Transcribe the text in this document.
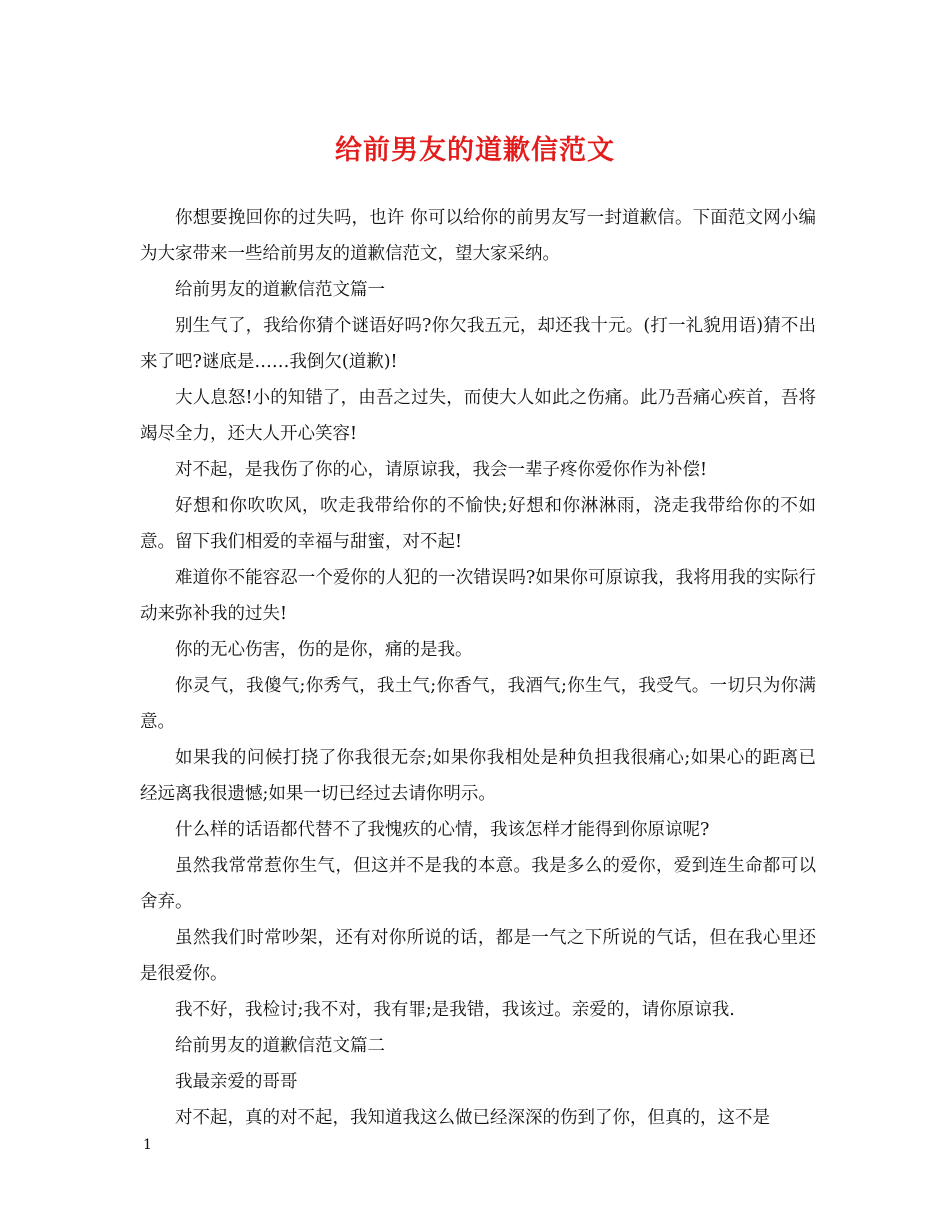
给前男友的道歉信范文

你想要挽回你的过失吗，也许 你可以给你的前男友写一封道歉信。下面范文网小编为大家带来一些给前男友的道歉信范文，望大家采纳。

给前男友的道歉信范文篇一

别生气了，我给你猜个谜语好吗?你欠我五元，却还我十元。(打一礼貌用语)猜不出来了吧?谜底是……我倒欠(道歉)!

大人息怒!小的知错了，由吾之过失，而使大人如此之伤痛。此乃吾痛心疾首，吾将竭尽全力，还大人开心笑容!

对不起，是我伤了你的心，请原谅我，我会一辈子疼你爱你作为补偿!

好想和你吹吹风，吹走我带给你的不愉快;好想和你淋淋雨，浇走我带给你的不如意。留下我们相爱的幸福与甜蜜，对不起!

难道你不能容忍一个爱你的人犯的一次错误吗?如果你可原谅我，我将用我的实际行动来弥补我的过失!

你的无心伤害，伤的是你，痛的是我。

你灵气，我傻气;你秀气，我土气;你香气，我酒气;你生气，我受气。一切只为你满意。

如果我的问候打挠了你我很无奈;如果你我相处是种负担我很痛心;如果心的距离已经远离我很遗憾;如果一切已经过去请你明示。

什么样的话语都代替不了我愧疚的心情，我该怎样才能得到你原谅呢?

虽然我常常惹你生气，但这并不是我的本意。我是多么的爱你，爱到连生命都可以舍弃。

虽然我们时常吵架，还有对你所说的话，都是一气之下所说的气话，但在我心里还是很爱你。

我不好，我检讨;我不对，我有罪;是我错，我该过。亲爱的，请你原谅我.

给前男友的道歉信范文篇二

我最亲爱的哥哥

对不起，真的对不起，我知道我这么做已经深深的伤到了你，但真的，这不是

1
